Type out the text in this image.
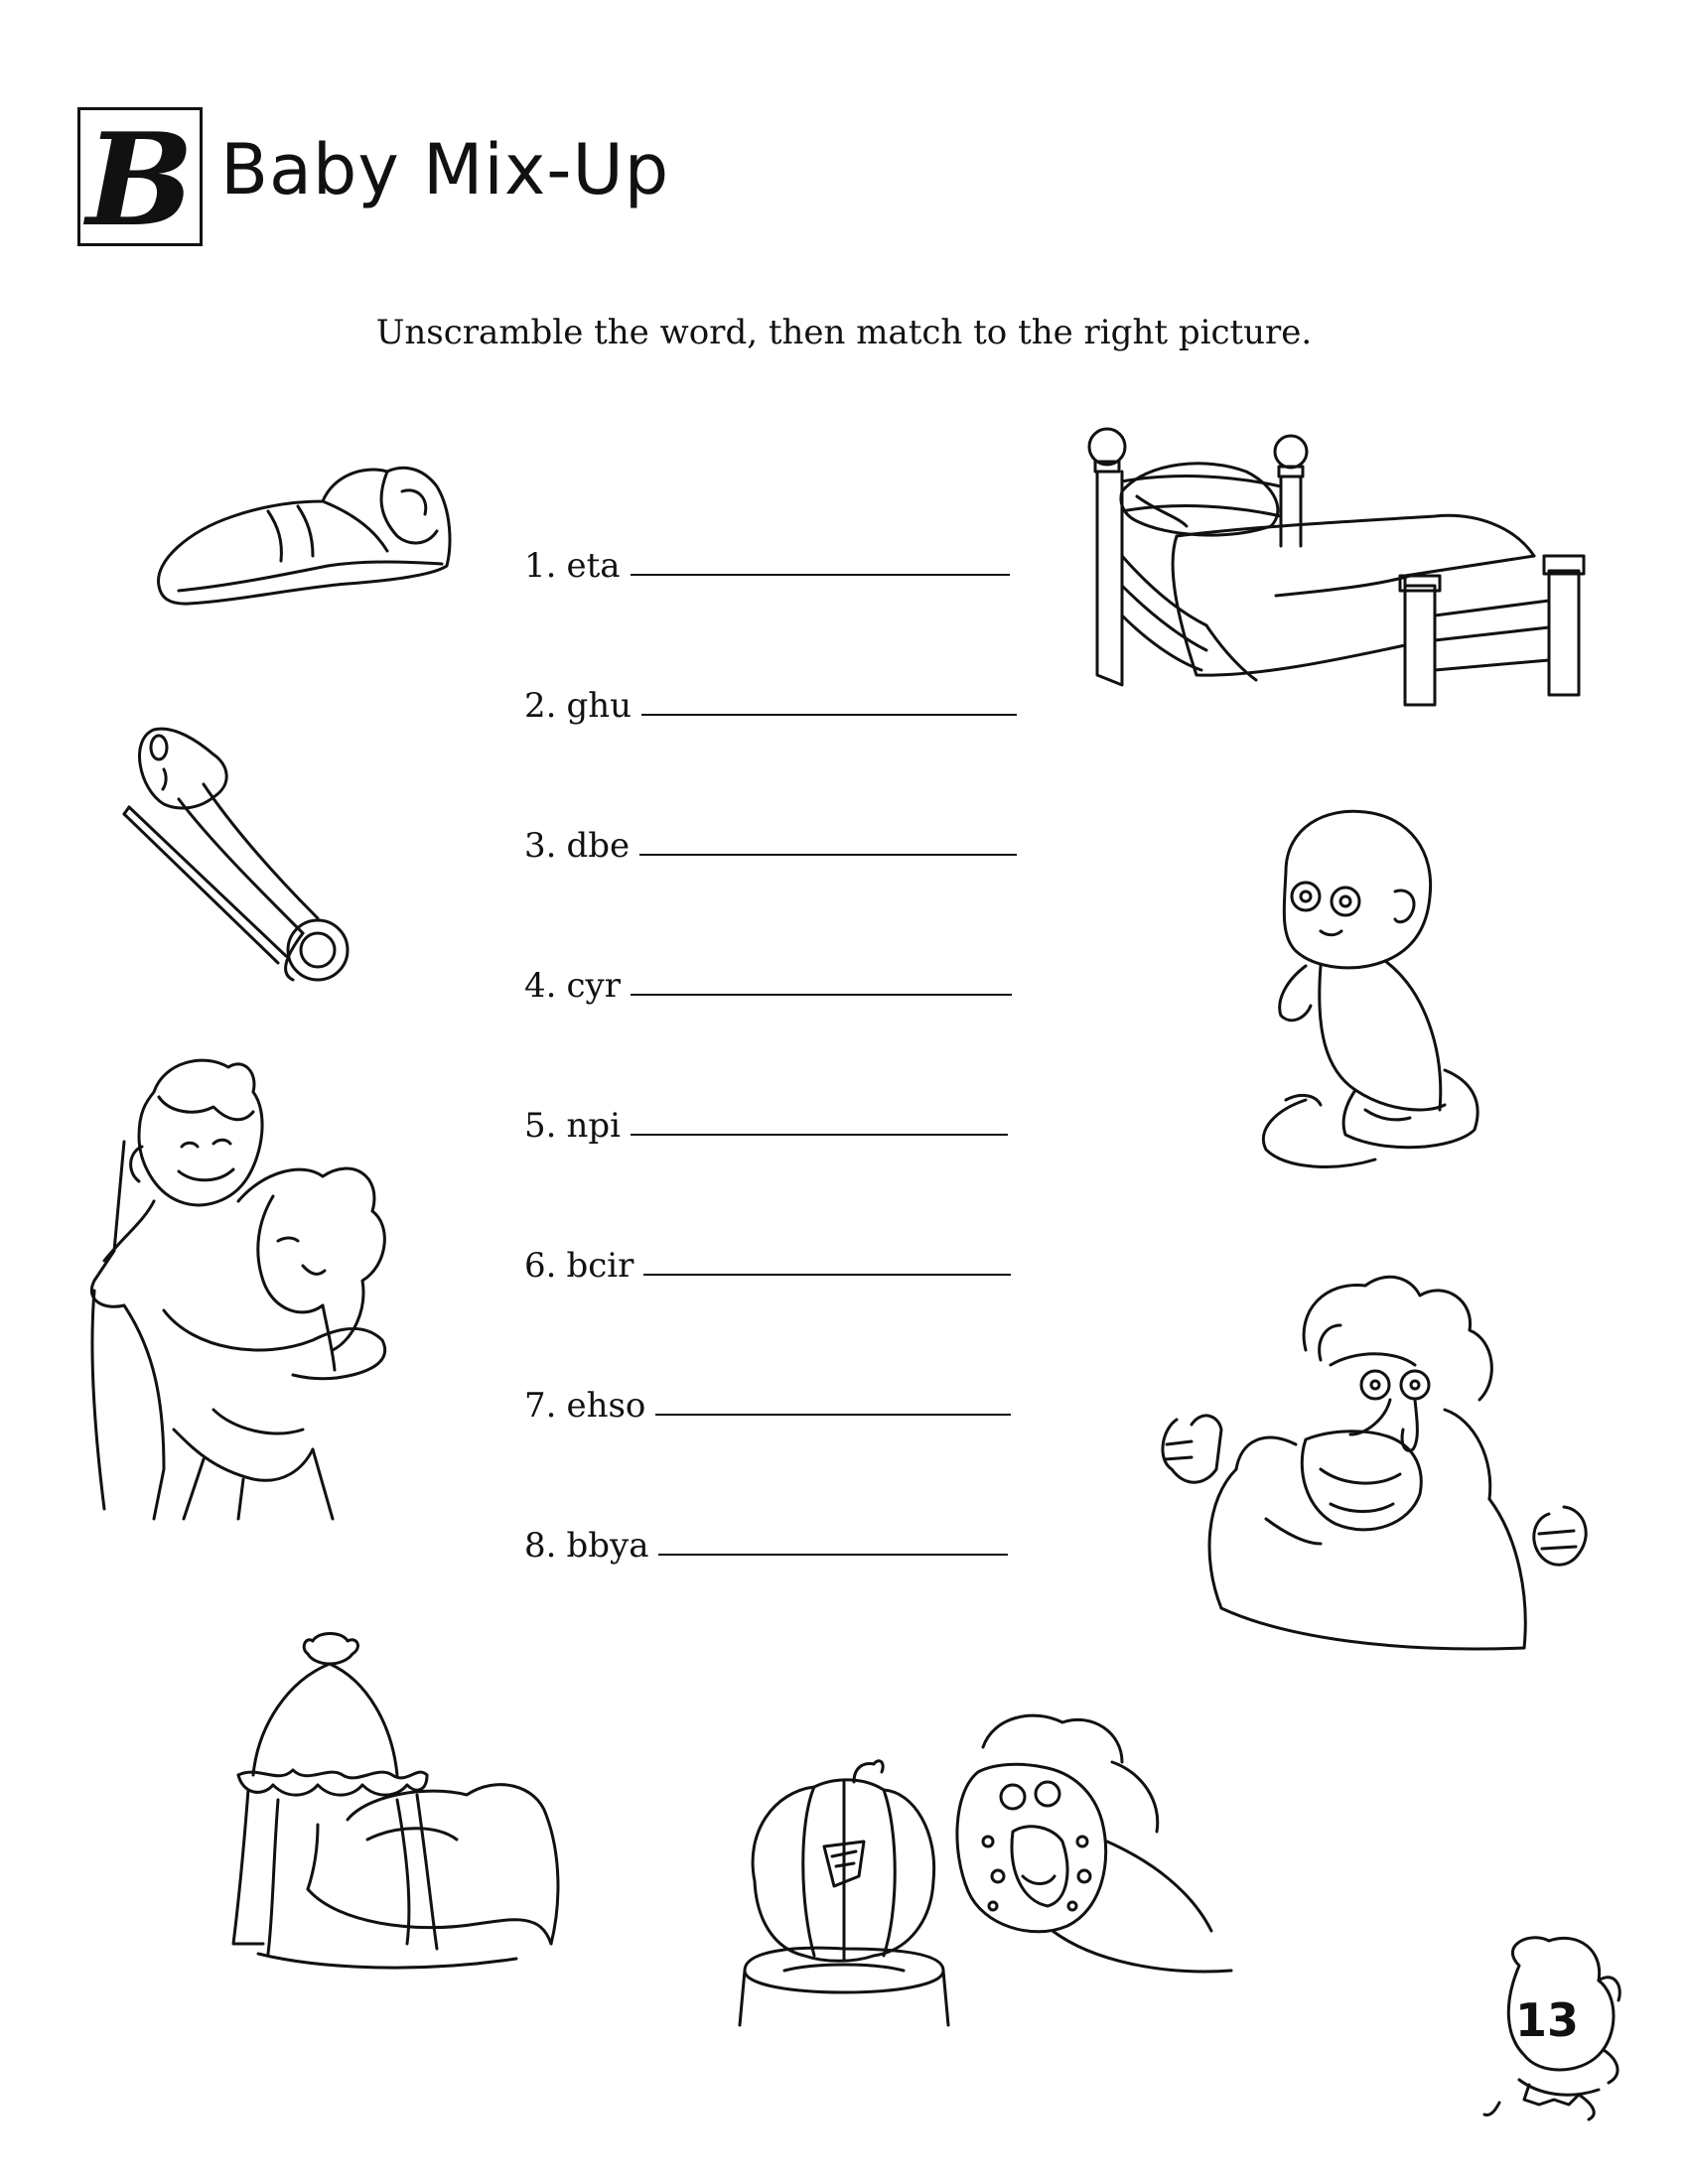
B Baby Mix-Up
Unscramble the word, then match to the right picture.
1. eta
2. ghu
3. dbe
4. cyr
5. npi
6. bcir
7. ehso
8. bbya
13
